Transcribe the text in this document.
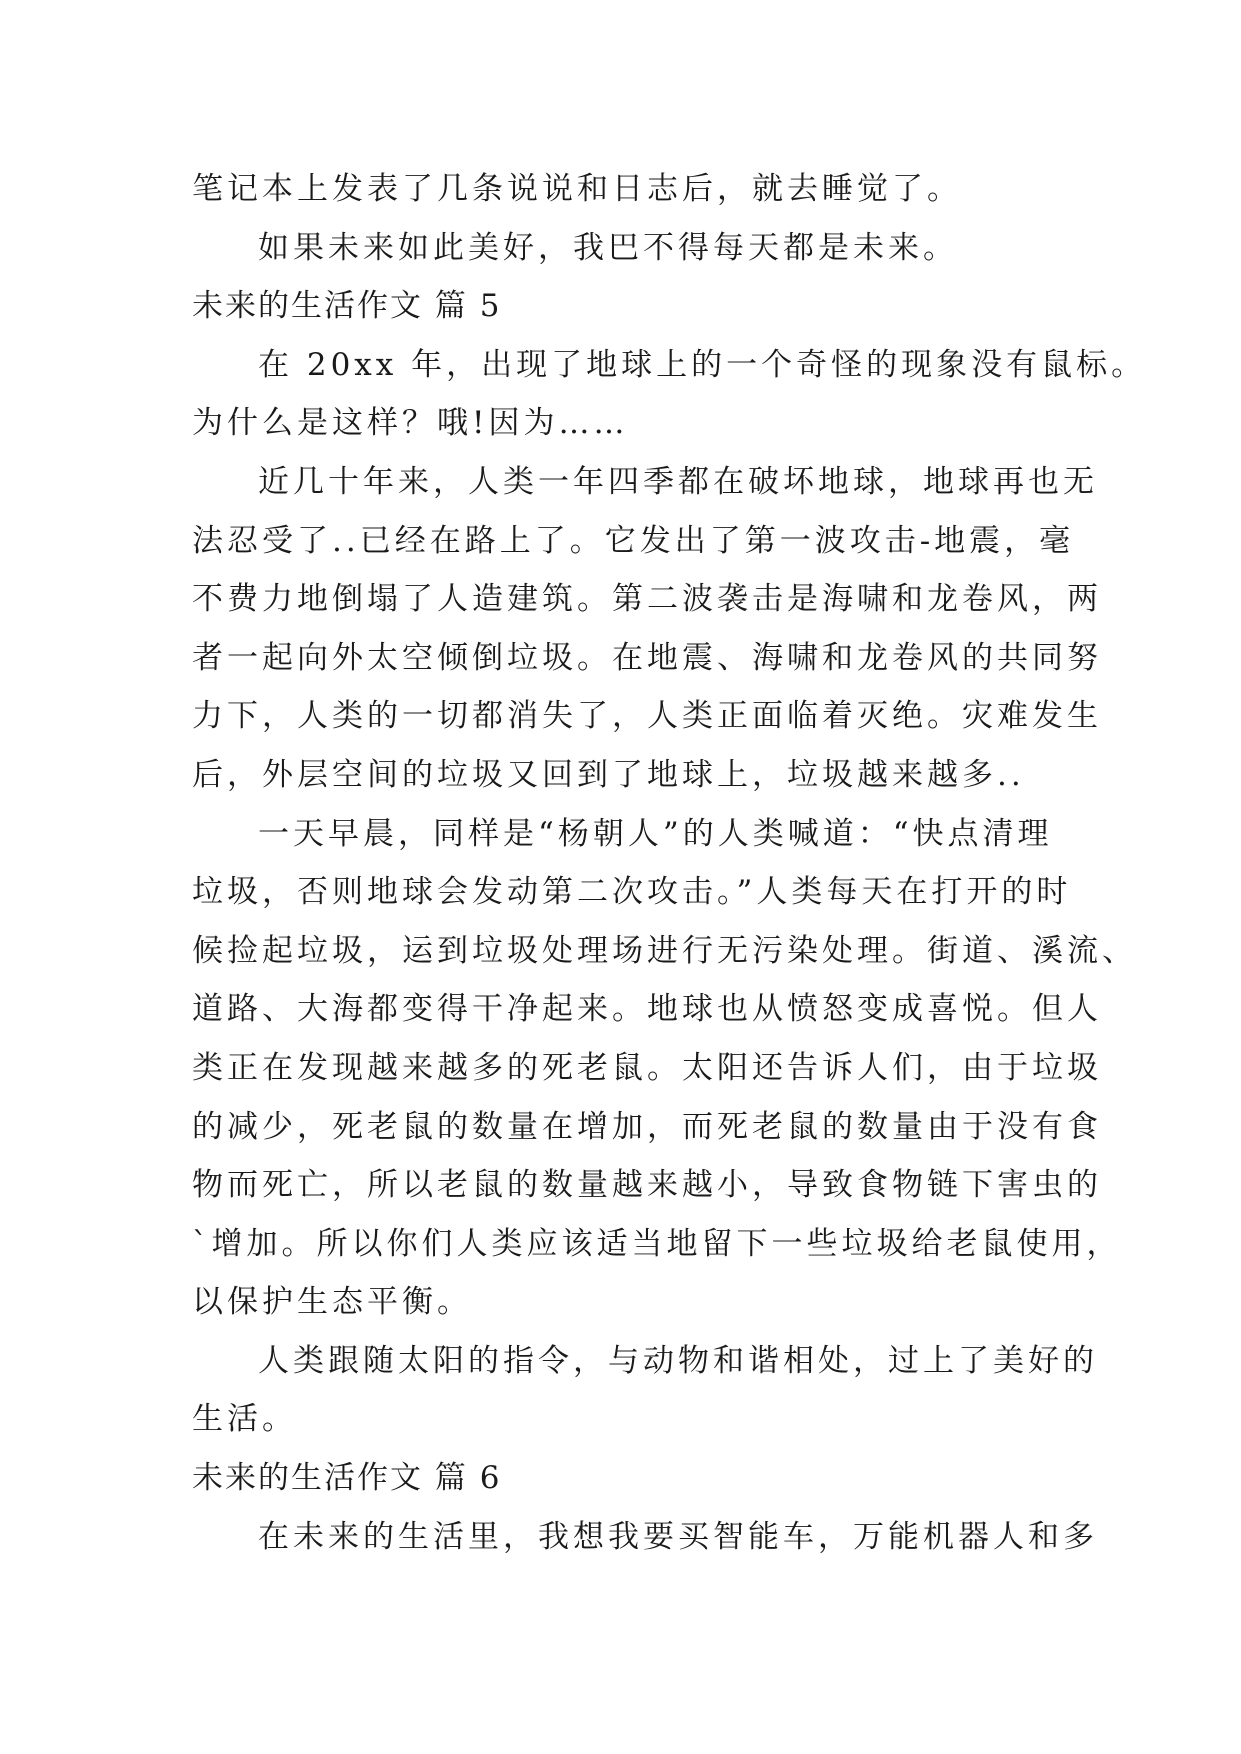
笔记本上发表了几条说说和日志后，就去睡觉了。

如果未来如此美好，我巴不得每天都是未来。

未来的生活作文 篇 5

在 20xx 年，出现了地球上的一个奇怪的现象没有鼠标。

为什么是这样？哦!因为……

近几十年来，人类一年四季都在破坏地球，地球再也无

法忍受了..已经在路上了。它发出了第一波攻击-地震，毫

不费力地倒塌了人造建筑。第二波袭击是海啸和龙卷风，两

者一起向外太空倾倒垃圾。在地震、海啸和龙卷风的共同努

力下，人类的一切都消失了，人类正面临着灭绝。灾难发生

后，外层空间的垃圾又回到了地球上，垃圾越来越多..

一天早晨，同样是“杨朝人”的人类喊道：“快点清理

垃圾，否则地球会发动第二次攻击。”人类每天在打开的时

候捡起垃圾，运到垃圾处理场进行无污染处理。街道、溪流、

道路、大海都变得干净起来。地球也从愤怒变成喜悦。但人

类正在发现越来越多的死老鼠。太阳还告诉人们，由于垃圾

的减少，死老鼠的数量在增加，而死老鼠的数量由于没有食

物而死亡，所以老鼠的数量越来越小，导致食物链下害虫的

`增加。所以你们人类应该适当地留下一些垃圾给老鼠使用，

以保护生态平衡。

人类跟随太阳的指令，与动物和谐相处，过上了美好的

生活。

未来的生活作文 篇 6

在未来的生活里，我想我要买智能车，万能机器人和多
